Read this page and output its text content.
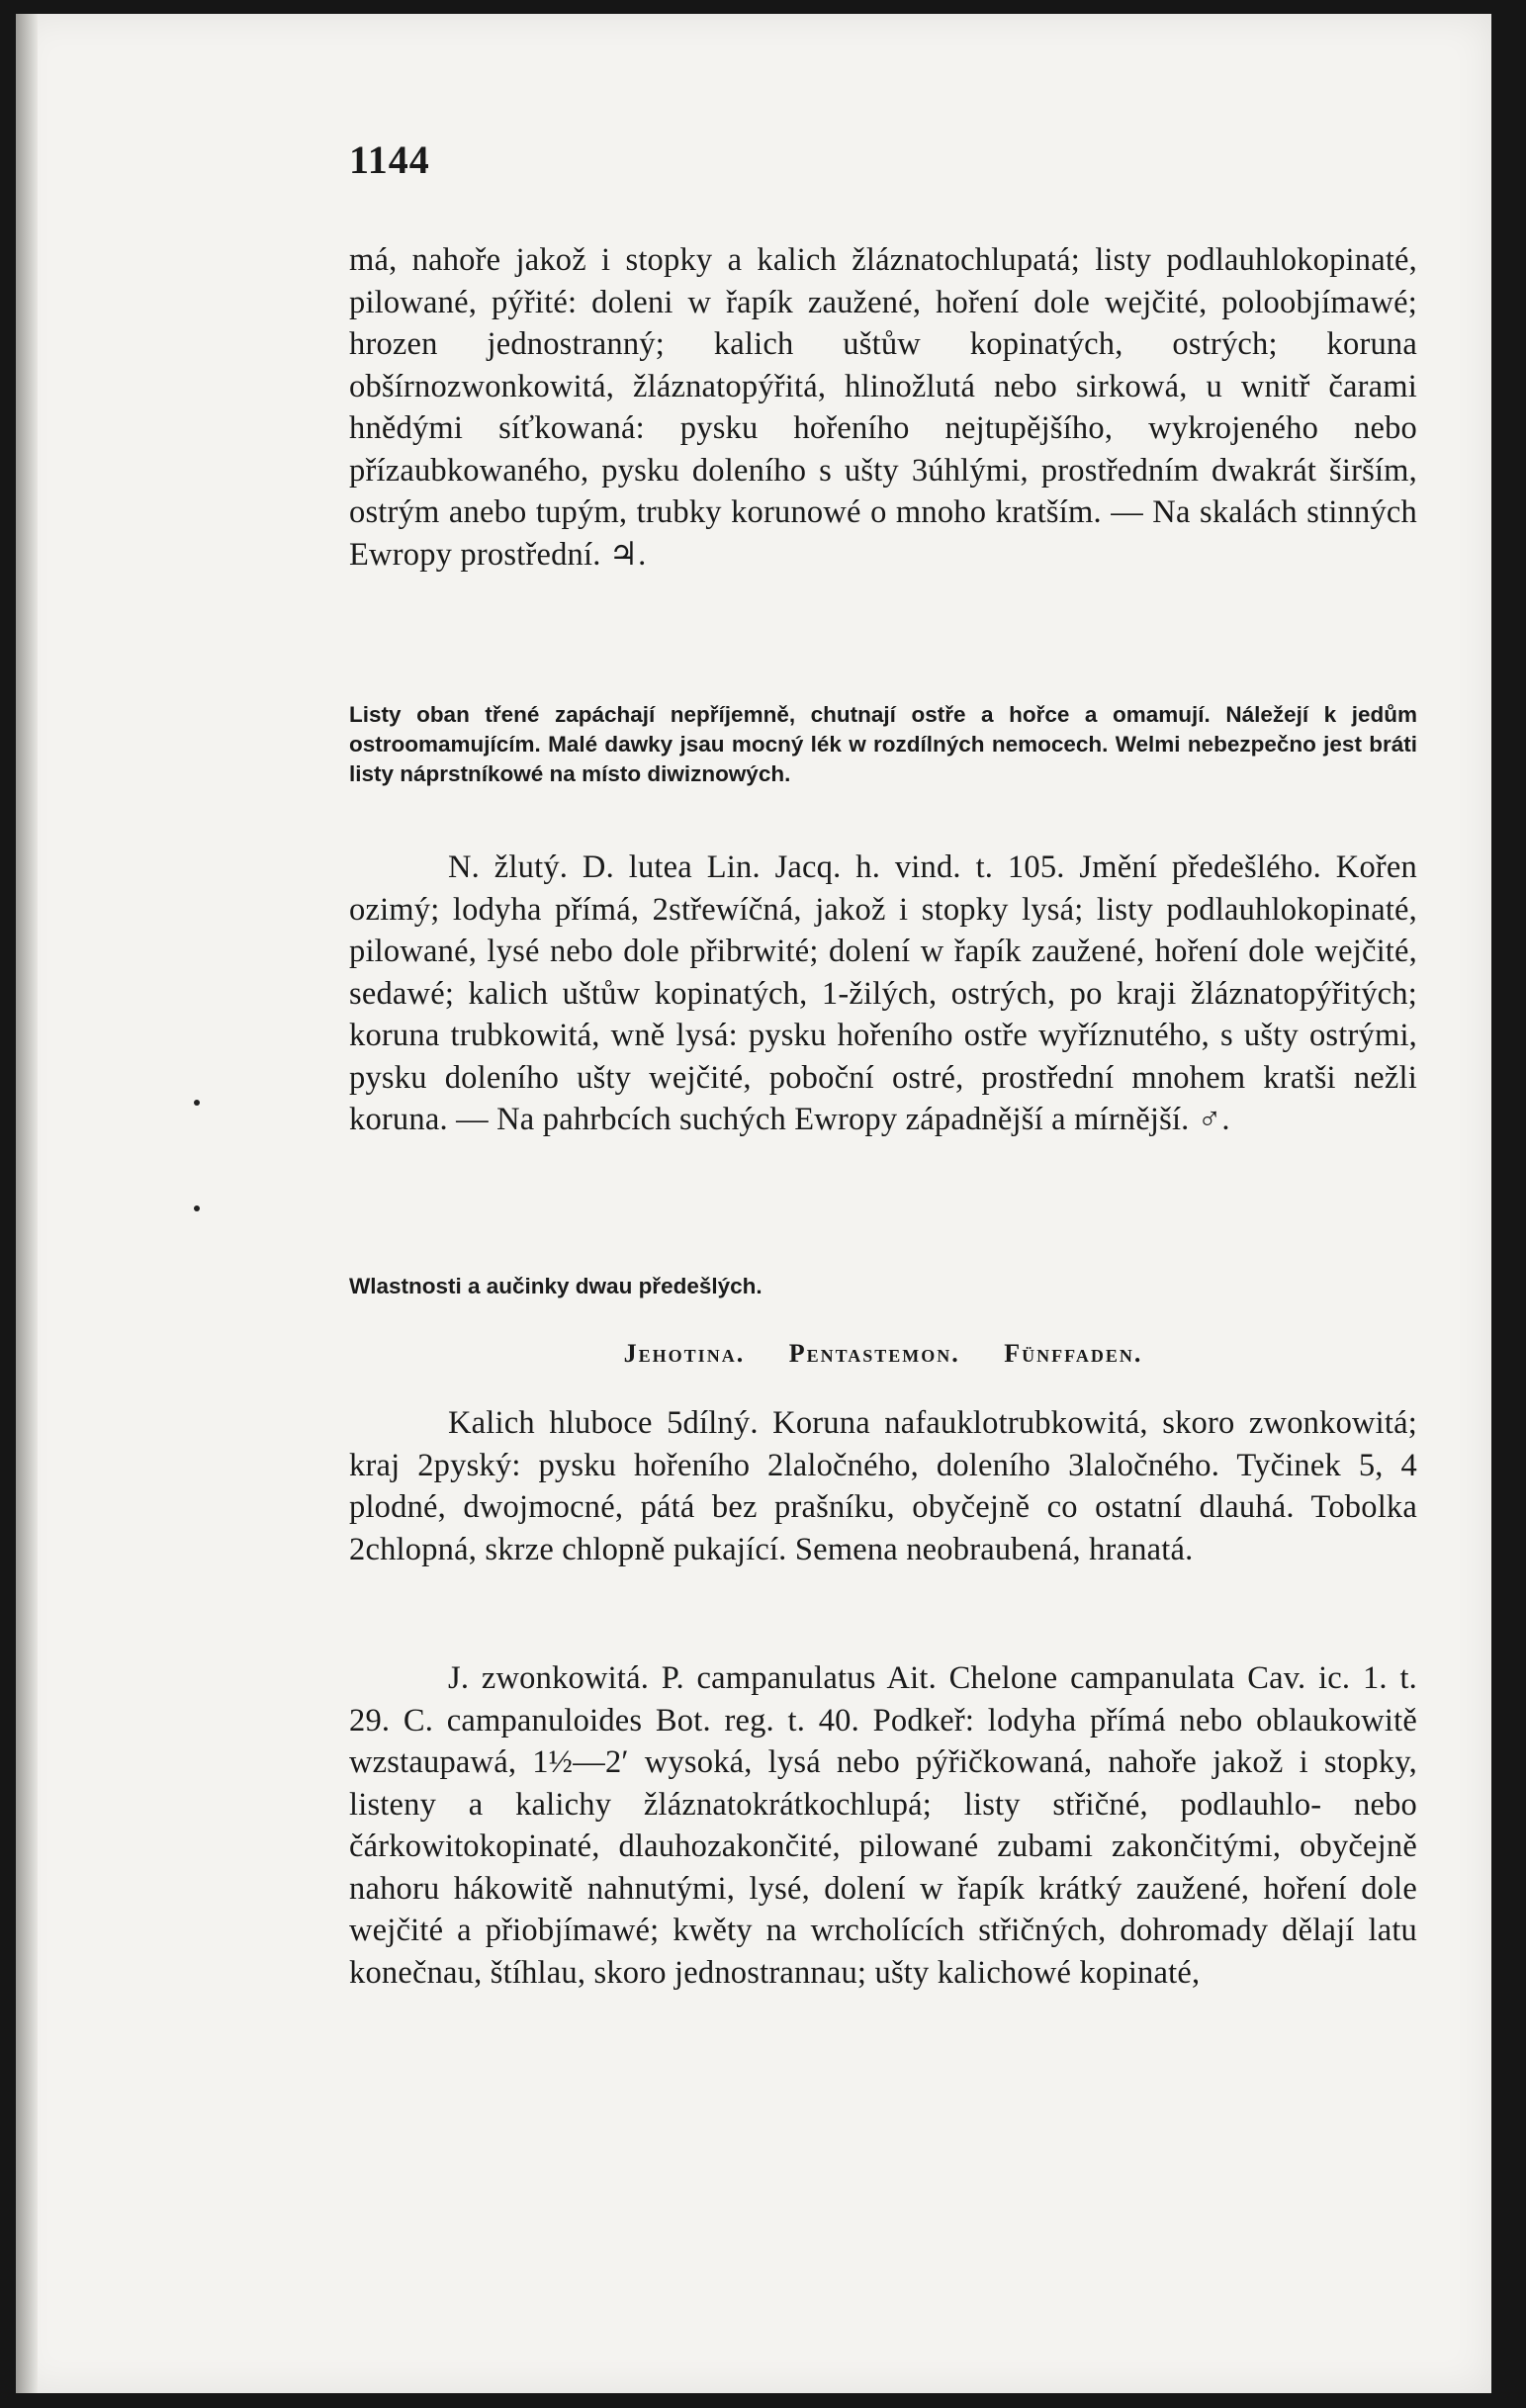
1144

má, nahoře jakož i stopky a kalich žláznatochlupatá; listy podlauhlokopinaté, pilowané, pýřité: doleni w řapík zaužené, hoření dole wejčité, poloobjímawé; hrozen jednostranný; kalich uštůw kopinatých, ostrých; koruna obšírnozwonkowitá, žláznatopýřitá, hlinožlutá nebo sirkowá, u wnitř čarami hnědými síťkowaná: pysku hořeního nejtupějšího, wykrojeného nebo přízaubkowaného, pysku doleního s ušty 3úhlými, prostředním dwakrát širším, ostrým anebo tupým, trubky korunowé o mnoho kratším. — Na skalách stinných Ewropy prostřední. ♃.

Listy oban třené zapáchají nepříjemně, chutnají ostře a hořce a omamují. Náležejí k jedům ostroomamujícím. Malé dawky jsau mocný lék w rozdílných nemocech. Welmi nebezpečno jest bráti listy náprstníkowé na místo diwiznowých.

N. žlutý. D. lutea Lin. Jacq. h. vind. t. 105. Jmění předešlého. Kořen ozimý; lodyha přímá, 2střewíčná, jakož i stopky lysá; listy podlauhlokopinaté, pilowané, lysé nebo dole přibrwité; dolení w řapík zaužené, hoření dole wejčité, sedawé; kalich uštůw kopinatých, 1-žilých, ostrých, po kraji žláznatopýřitých; koruna trubkowitá, wně lysá: pysku hořeního ostře wyříznutého, s ušty ostrými, pysku doleního ušty wejčité, poboční ostré, prostřední mnohem kratši nežli koruna. — Na pahrbcích suchých Ewropy západnější a mírnější. ♂.

Wlastnosti a aučinky dwau předešlých.

Jehotina. Pentastemon. Fünffaden.

Kalich hluboce 5dílný. Koruna nafauklotrubkowitá, skoro zwonkowitá; kraj 2pyský: pysku hořeního 2laločného, doleního 3laločného. Tyčinek 5, 4 plodné, dwojmocné, pátá bez prašníku, obyčejně co ostatní dlauhá. Tobolka 2chlopná, skrze chlopně pukající. Semena neobraubená, hranatá.

J. zwonkowitá. P. campanulatus Ait. Chelone campanulata Cav. ic. 1. t. 29. C. campanuloides Bot. reg. t. 40. Podkeř: lodyha přímá nebo oblaukowitě wzstaupawá, 1½—2′ wysoká, lysá nebo pýřičkowaná, nahoře jakož i stopky, listeny a kalichy žláznatokrátkochlupá; listy střičné, podlauhlo- nebo čárkowitokopinaté, dlauhozakončité, pilowané zubami zakončitými, obyčejně nahoru hákowitě nahnutými, lysé, dolení w řapík krátký zaužené, hoření dole wejčité a přiobjímawé; kwěty na wrcholících střičných, dohromady dělají latu konečnau, štíhlau, skoro jednostrannau; ušty kalichowé kopinaté,
